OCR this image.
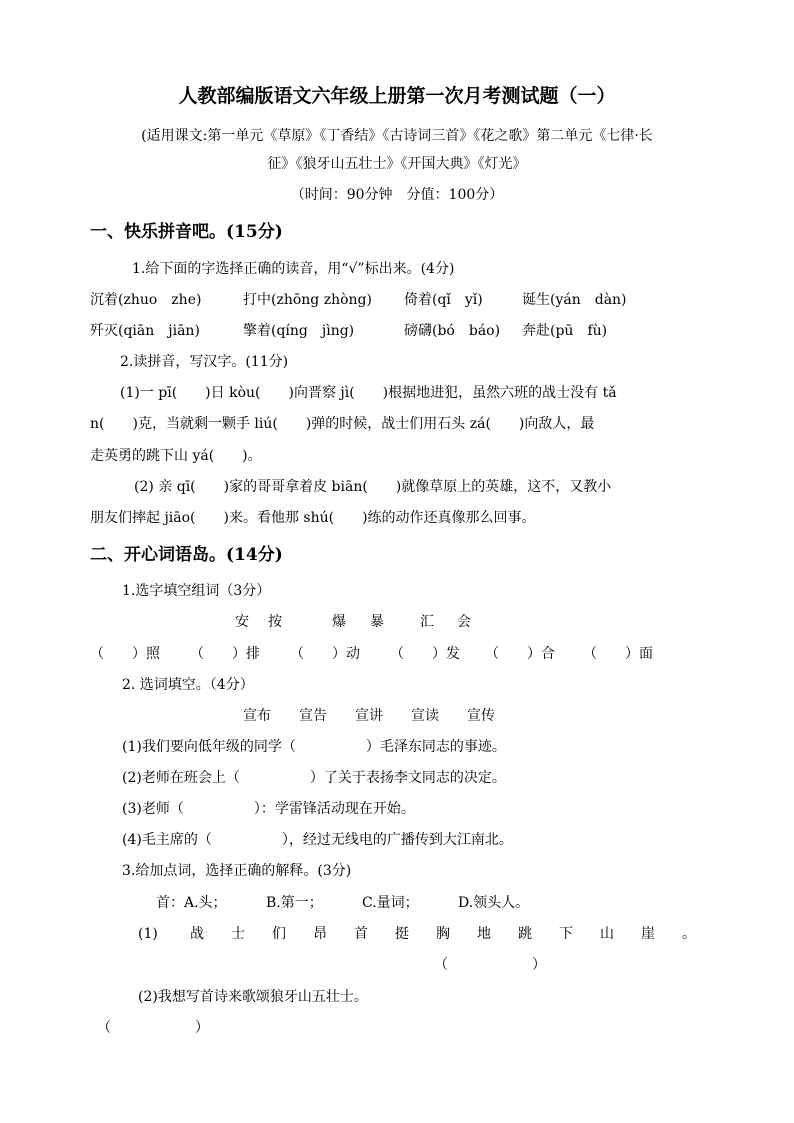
人教部编版语文六年级上册第一次月考测试题（一）
(适用课文:第一单元《草原》《丁香结》《古诗词三首》《花之歌》第二单元《七律·长
征》《狼牙山五壮士》《开国大典》《灯光》
（时间：90分钟　分值：100分）
一、快乐拼音吧。(15分)
1.给下面的字选择正确的读音，用“√”标出来。(4分)
沉着(zhuo　zhe)	打中(zhōng zhòng) 倚着(qǐ　yǐ)	诞生(yán　dàn)
歼灭(qiān　jiān)	擎着(qíng　jìng)	磅礴(bó　báo) 奔赴(pū　fù)
2.读拼音，写汉字。(11分)
(1)一 pī(　　)日 kòu(　　)向晋察 jì(　　)根据地进犯，虽然六班的战士没有 tǎ
n(　　)克，当就剩一颗手 liú(　　)弹的时候，战士们用石头 zá(　　)向敌人，最
走英勇的跳下山 yá(　　)。
(2) 亲 qī(　　)家的哥哥拿着皮 biān(　　)就像草原上的英雄，这不，又教小
朋友们摔起 jiāo(　　)来。看他那 shú(　　)练的动作还真像那么回事。
二、开心词语岛。(14分)
1.选字填空组词（3分）
安 按	爆 暴	汇 会
（　　）照 （　　）排 （　　）动 （　　）发 （　　）合 （　　）面
2. 选词填空。（4分）
宣布 宣告 宣讲 宣读 宣传
(1)我们要向低年级的同学（　　　　　）毛泽东同志的事迹。
(2)老师在班会上（　　　　　）了关于表扬李文同志的决定。
(3)老师（　　　　　）：学雷锋活动现在开始。
(4)毛主席的（　　　　　），经过无线电的广播传到大江南北。
3.给加点词，选择正确的解释。(3分)
首：A.头；	B.第一；	C.量词；	D.领头人。
(1) 战 士 们 昂 首 挺 胸 地 跳 下 山 崖 。
（　　　　　　）
(2)我想写首诗来歌颂狼牙山五壮士。
（　　　　　　）
